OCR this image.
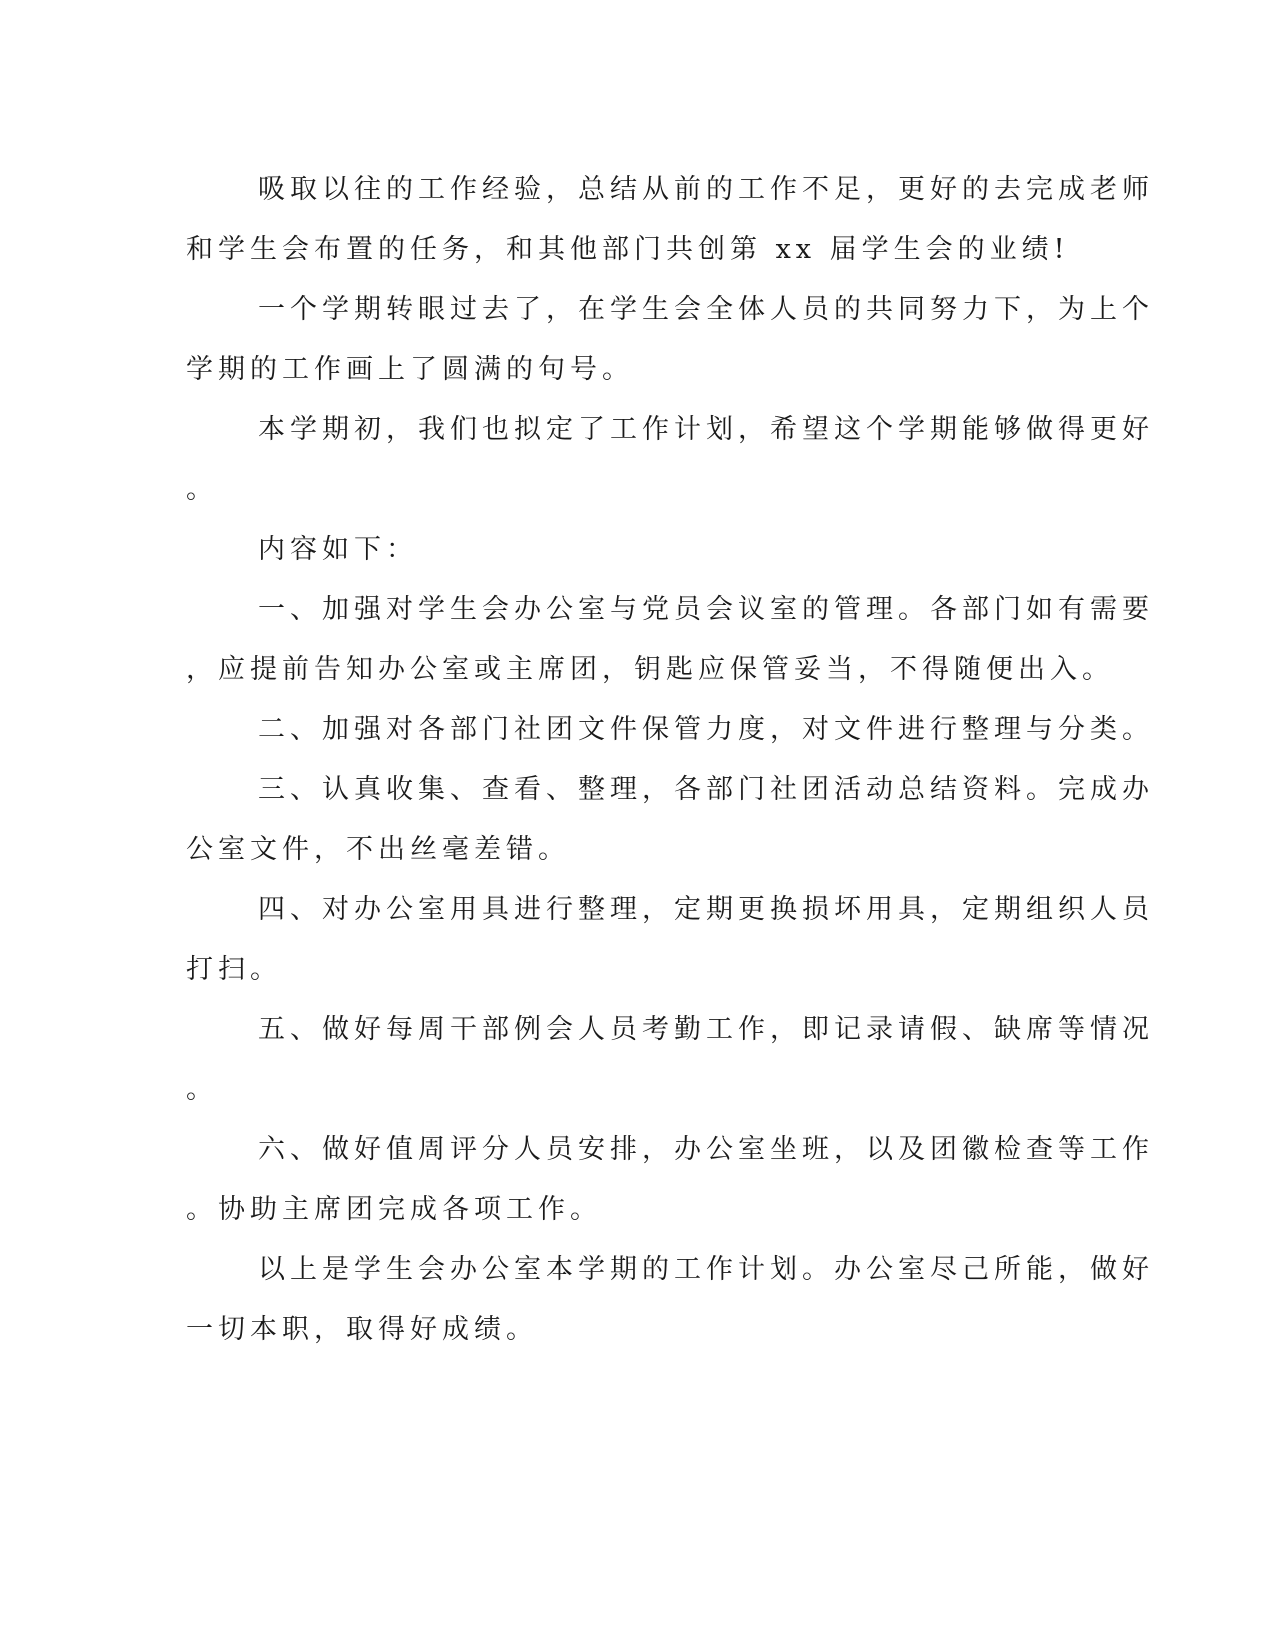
吸取以往的工作经验，总结从前的工作不足，更好的去完成老师
和学生会布置的任务，和其他部门共创第 xx 届学生会的业绩!
一个学期转眼过去了，在学生会全体人员的共同努力下，为上个
学期的工作画上了圆满的句号。
本学期初，我们也拟定了工作计划，希望这个学期能够做得更好
。
内容如下：
一、加强对学生会办公室与党员会议室的管理。各部门如有需要
，应提前告知办公室或主席团，钥匙应保管妥当，不得随便出入。
二、加强对各部门社团文件保管力度，对文件进行整理与分类。
三、认真收集、查看、整理，各部门社团活动总结资料。完成办
公室文件，不出丝毫差错。
四、对办公室用具进行整理，定期更换损坏用具，定期组织人员
打扫。
五、做好每周干部例会人员考勤工作，即记录请假、缺席等情况
。
六、做好值周评分人员安排，办公室坐班，以及团徽检查等工作
。协助主席团完成各项工作。
以上是学生会办公室本学期的工作计划。办公室尽己所能，做好
一切本职，取得好成绩。
